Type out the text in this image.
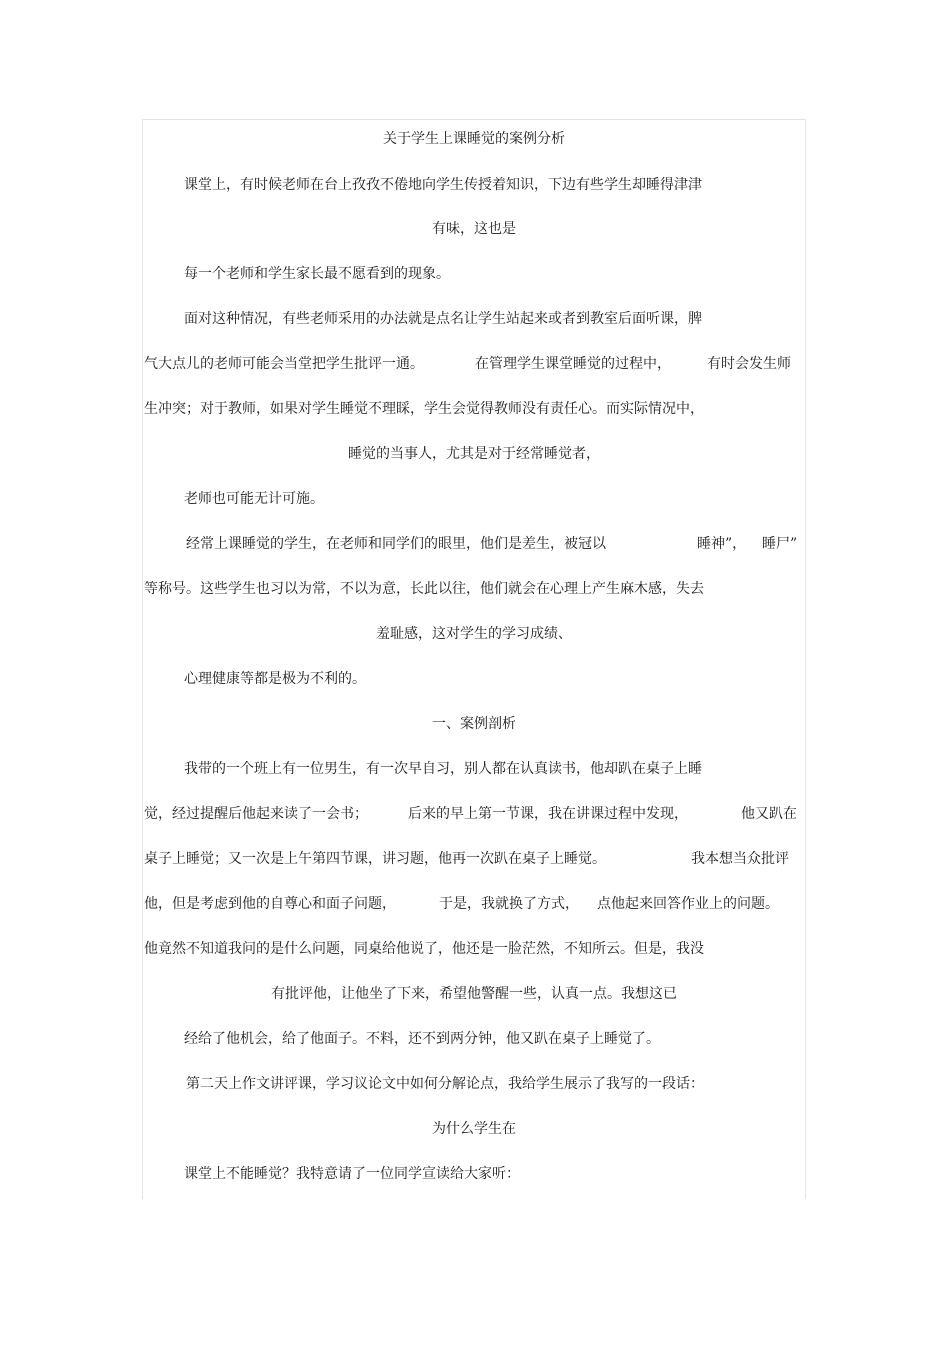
关于学生上课睡觉的案例分析
课堂上，有时候老师在台上孜孜不倦地向学生传授着知识，下边有些学生却睡得津津
有味，这也是
每一个老师和学生家长最不愿看到的现象。
面对这种情况，有些老师采用的办法就是点名让学生站起来或者到教室后面听课，脾
气大点儿的老师可能会当堂把学生批评一通。	在管理学生课堂睡觉的过程中，	有时会发生师
生冲突；对于教师，如果对学生睡觉不理睬，学生会觉得教师没有责任心。而实际情况中，
睡觉的当事人，尤其是对于经常睡觉者，
老师也可能无计可施。
经常上课睡觉的学生，在老师和同学们的眼里，他们是差生，被冠以	睡神”， 睡尸”
等称号。这些学生也习以为常，不以为意，长此以往，他们就会在心理上产生麻木感，失去
羞耻感，这对学生的学习成绩、
心理健康等都是极为不利的。
一、案例剖析
我带的一个班上有一位男生，有一次早自习，别人都在认真读书，他却趴在桌子上睡
觉，经过提醒后他起来读了一会书；	后来的早上第一节课，我在讲课过程中发现，	他又趴在
桌子上睡觉；又一次是上午第四节课，讲习题，他再一次趴在桌子上睡觉。	我本想当众批评
他，但是考虑到他的自尊心和面子问题，	于是，我就换了方式， 点他起来回答作业上的问题。
他竟然不知道我问的是什么问题，同桌给他说了，他还是一脸茫然，不知所云。但是，我没
有批评他，让他坐了下来，希望他警醒一些，认真一点。我想这已
经给了他机会，给了他面子。不料，还不到两分钟，他又趴在桌子上睡觉了。
第二天上作文讲评课，学习议论文中如何分解论点，我给学生展示了我写的一段话：
为什么学生在
课堂上不能睡觉？我特意请了一位同学宣读给大家听：
